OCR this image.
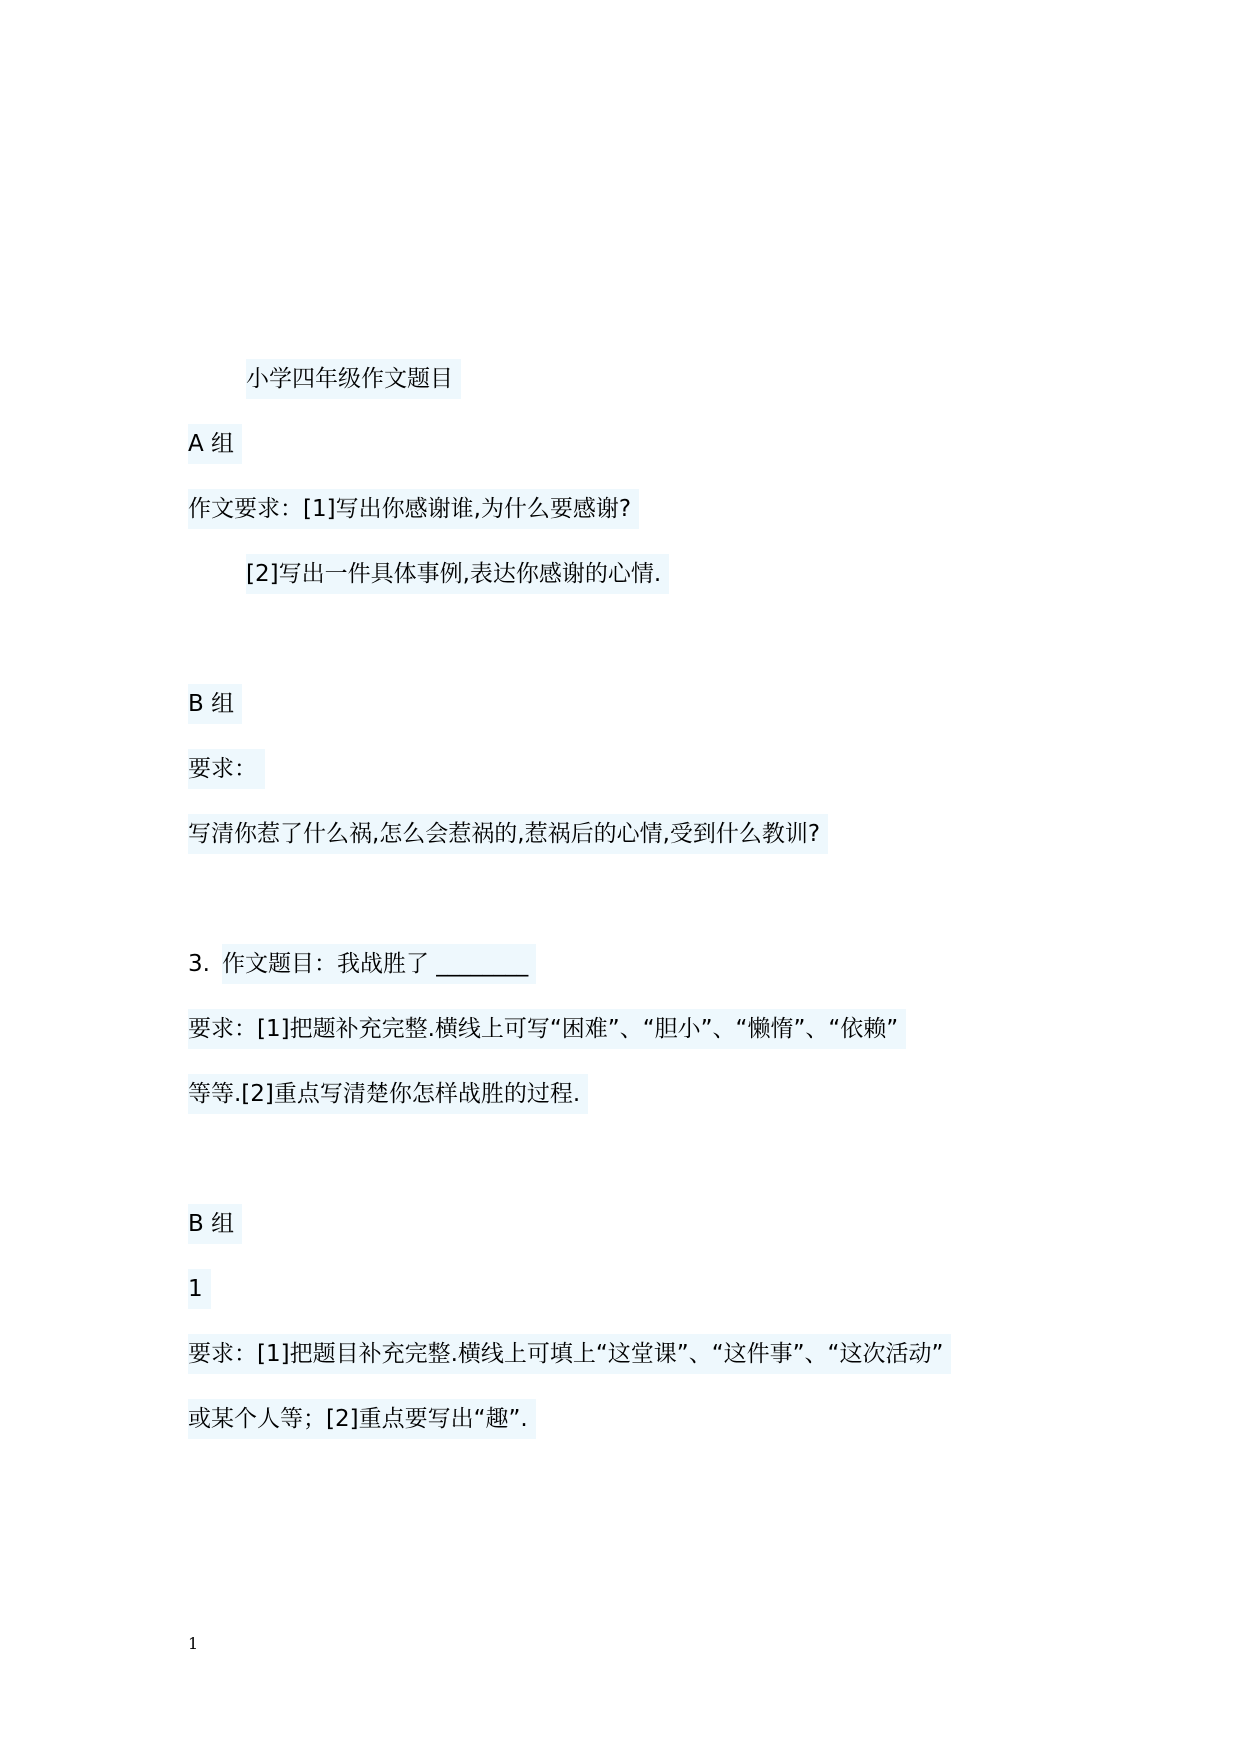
小学四年级作文题目
A 组
作文要求：[1]写出你感谢谁,为什么要感谢?
[2]写出一件具体事例,表达你感谢的心情.
B 组
要求：
写清你惹了什么祸,怎么会惹祸的,惹祸后的心情,受到什么教训?
3. 作文题目：我战胜了 ________
要求：[1]把题补充完整.横线上可写“困难”、“胆小”、“懒惰”、“依赖”
等等.[2]重点写清楚你怎样战胜的过程.
B 组
1
要求：[1]把题目补充完整.横线上可填上“这堂课”、“这件事”、“这次活动”
或某个人等；[2]重点要写出“趣”.
1
